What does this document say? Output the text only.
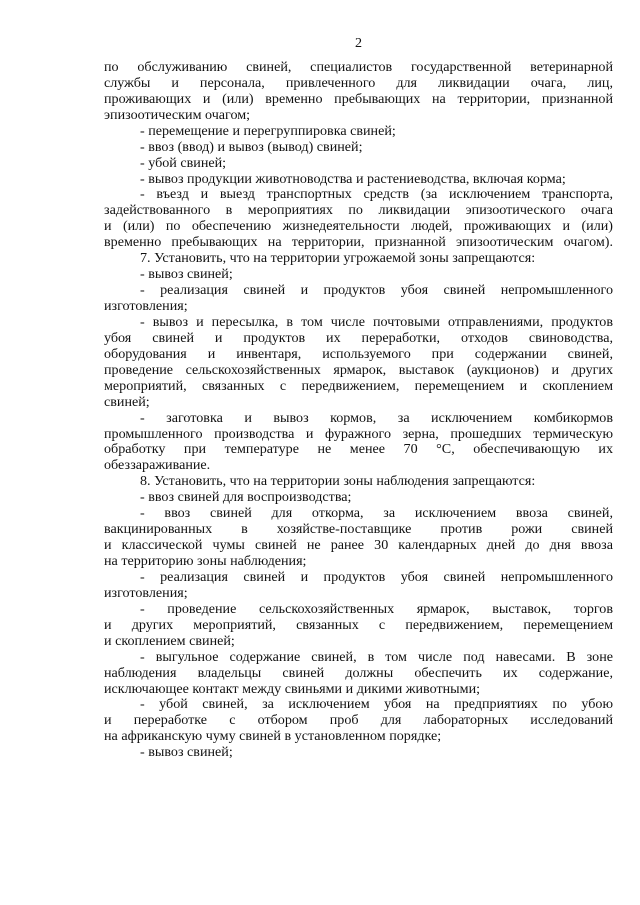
2
по обслуживанию свиней, специалистов государственной ветеринарной
службы и персонала, привлеченного для ликвидации очага, лиц,
проживающих и (или) временно пребывающих на территории, признанной
эпизоотическим очагом;
- перемещение и перегруппировка свиней;
- ввоз (ввод) и вывоз (вывод) свиней;
- убой свиней;
- вывоз продукции животноводства и растениеводства, включая корма;
- въезд и выезд транспортных средств (за исключением транспорта,
задействованного в мероприятиях по ликвидации эпизоотического очага
и (или) по обеспечению жизнедеятельности людей, проживающих и (или)
временно пребывающих на территории, признанной эпизоотическим очагом).
7. Установить, что на территории угрожаемой зоны запрещаются:
- вывоз свиней;
- реализация свиней и продуктов убоя свиней непромышленного
изготовления;
- вывоз и пересылка, в том числе почтовыми отправлениями, продуктов
убоя свиней и продуктов их переработки, отходов свиноводства,
оборудования и инвентаря, используемого при содержании свиней,
проведение сельскохозяйственных ярмарок, выставок (аукционов) и других
мероприятий, связанных с передвижением, перемещением и скоплением
свиней;
- заготовка и вывоз кормов, за исключением комбикормов
промышленного производства и фуражного зерна, прошедших термическую
обработку при температуре не менее 70 °С, обеспечивающую их
обеззараживание.
8. Установить, что на территории зоны наблюдения запрещаются:
- ввоз свиней для воспроизводства;
- ввоз свиней для откорма, за исключением ввоза свиней,
вакцинированных в хозяйстве-поставщике против рожи свиней
и классической чумы свиней не ранее 30 календарных дней до дня ввоза
на территорию зоны наблюдения;
- реализация свиней и продуктов убоя свиней непромышленного
изготовления;
- проведение сельскохозяйственных ярмарок, выставок, торгов
и других мероприятий, связанных с передвижением, перемещением
и скоплением свиней;
- выгульное содержание свиней, в том числе под навесами. В зоне
наблюдения владельцы свиней должны обеспечить их содержание,
исключающее контакт между свиньями и дикими животными;
- убой свиней, за исключением убоя на предприятиях по убою
и переработке с отбором проб для лабораторных исследований
на африканскую чуму свиней в установленном порядке;
- вывоз свиней;
